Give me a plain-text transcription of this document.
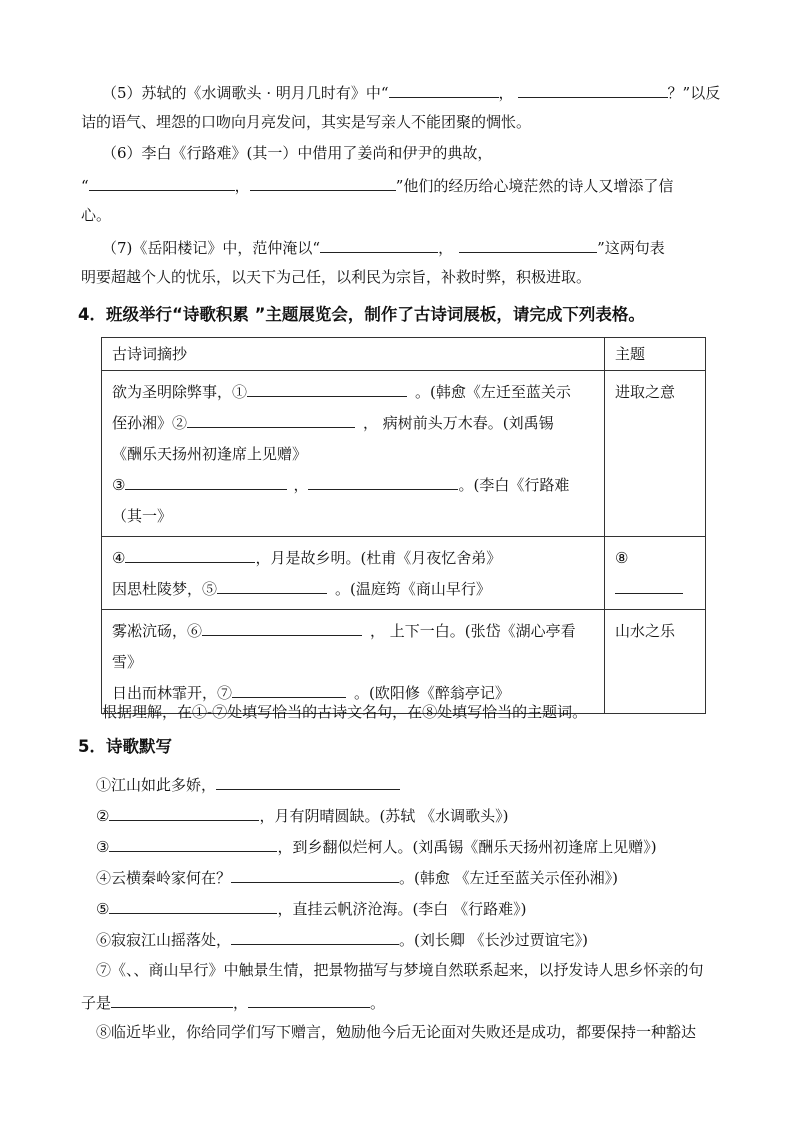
（5）苏轼的《水调歌头 · 明月几时有》中“	，	？”以反
诘的语气、埋怨的口吻向月亮发问，其实是写亲人不能团聚的惆怅。
（6）李白《行路难》(其一）中借用了姜尚和伊尹的典故，
“	，	”他们的经历给心境茫然的诗人又增添了信
心。
（7)《岳阳楼记》中，范仲淹以“	，	”这两句表
明要超越个人的忧乐，以天下为己任，以利民为宗旨，补救时弊，积极进取。
4．班级举行“诗歌积累 ”主题展览会，制作了古诗词展板，请完成下列表格。
古诗词摘抄	主题

欲为圣明除弊事，① 。(韩愈《左迁至蓝关示
侄孙湘》② ， 病树前头万木春。(刘禹锡
《酬乐天扬州初逢席上见赠》
③ ， 。(李白《行路难
（其一》	进取之意

④ ，月是故乡明。(杜甫《月夜忆舍弟》
因思杜陵梦，⑤ 。(温庭筠《商山早行》	⑧

雾凇沆砀，⑥ ， 上下一白。(张岱《湖心亭看
雪》
日出而林霏开，⑦ 。(欧阳修《醉翁亭记》	山水之乐
根据理解，在①-⑦处填写恰当的古诗文名句，在⑧处填写恰当的主题词。
5．诗歌默写
①江山如此多娇，
②	，月有阴晴圆缺。(苏轼 《水调歌头》)
③	，到乡翻似烂柯人。(刘禹锡《酬乐天扬州初逢席上见赠》)
④云横秦岭家何在？	。(韩愈 《左迁至蓝关示侄孙湘》)
⑤	，直挂云帆济沧海。(李白 《行路难》)
⑥寂寂江山摇落处，	。(刘长卿 《长沙过贾谊宅》)
⑦《、、商山早行》中触景生情，把景物描写与梦境自然联系起来，以抒发诗人思乡怀亲的句
子是	，	。
⑧临近毕业，你给同学们写下赠言，勉励他今后无论面对失败还是成功，都要保持一种豁达
